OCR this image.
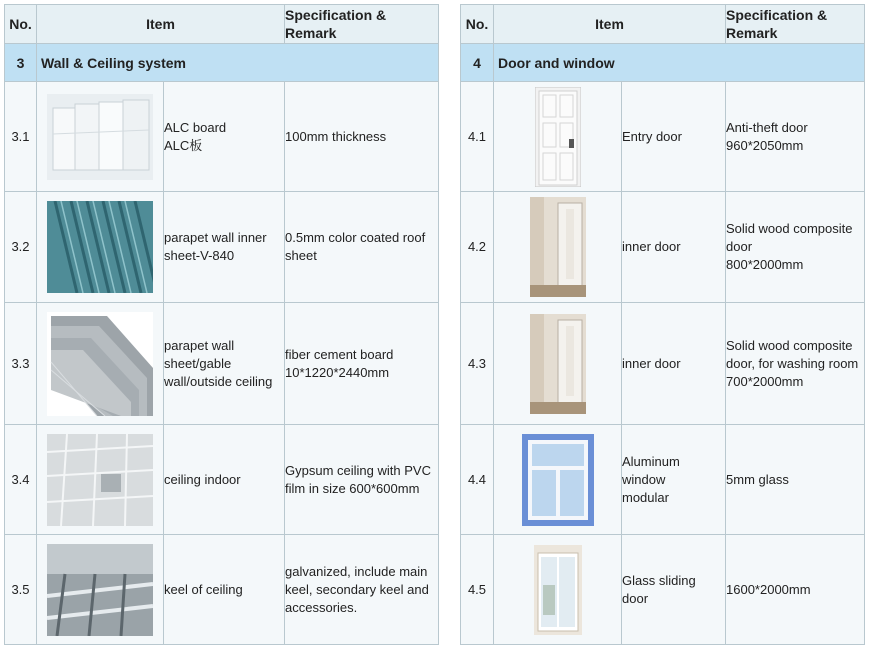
No.	Item		Specification & Remark
3	Wall & Ceiling system		
3.1		ALC board
ALC板	100mm thickness
3.2		parapet wall inner
sheet-V-840	0.5mm color coated roof
sheet
3.3		parapet wall
sheet/gable
wall/outside ceiling	fiber cement board
10*1220*2440mm
3.4		ceiling indoor	Gypsum ceiling with PVC
film in size 600*600mm
3.5		keel of ceiling	galvanized, include main
keel, secondary keel and
accessories.
No.	Item		Specification & Remark
4	Door and window		
4.1		Entry door	Anti-theft door
960*2050mm
4.2		inner door	Solid wood composite
door
800*2000mm
4.3		inner door	Solid wood composite
door, for washing room
700*2000mm
4.4		Aluminum window
modular	5mm glass
4.5		Glass sliding door	1600*2000mm
